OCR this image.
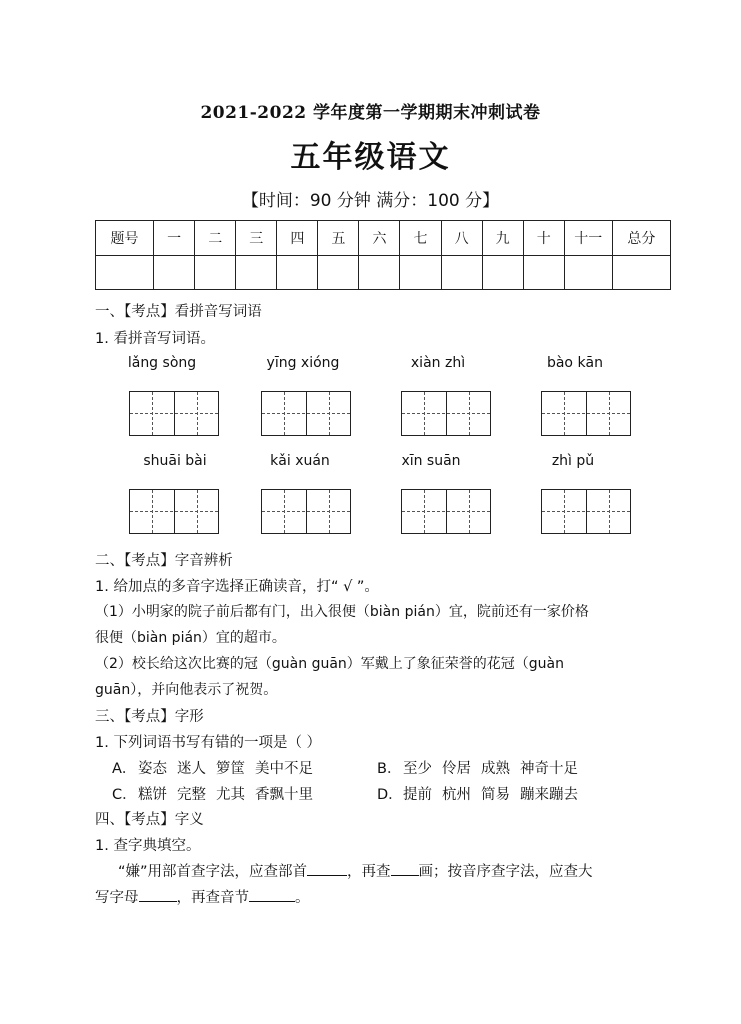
2021-2022 学年度第一学期期末冲刺试卷
五年级语文
【时间：90 分钟 满分：100 分】
题号	一	二	三	四	五	六	七	八	九	十	十一	总分

一、【考点】看拼音写词语
1. 看拼音写词语。
lǎng sòng	yīng xióng	xiàn zhì	bào kān
shuāi bài	kǎi xuán	xīn suān	zhì pǔ
二、【考点】字音辨析
1. 给加点的多音字选择正确读音，打“ √ ”。
（1）小明家的院子前后都有门，出入很便（biàn pián）宜，院前还有一家价格
很便（biàn pián）宜的超市。
（2）校长给这次比赛的冠（guàn guān）军戴上了象征荣誉的花冠（guàn
guān），并向他表示了祝贺。
三、【考点】字形
1. 下列词语书写有错的一项是（ ）
A． 姿态 迷人 箩筐 美中不足	B． 至少 伶居 成熟 神奇十足
C．糕饼 完整 尤其 香飘十里	D．提前 杭州 简易 蹦来蹦去
四、【考点】字义
1. 查字典填空。
“嫌”用部首查字法，应查部首	，再查 画；按音序查字法，应查大
写字母	，再查音节	。
